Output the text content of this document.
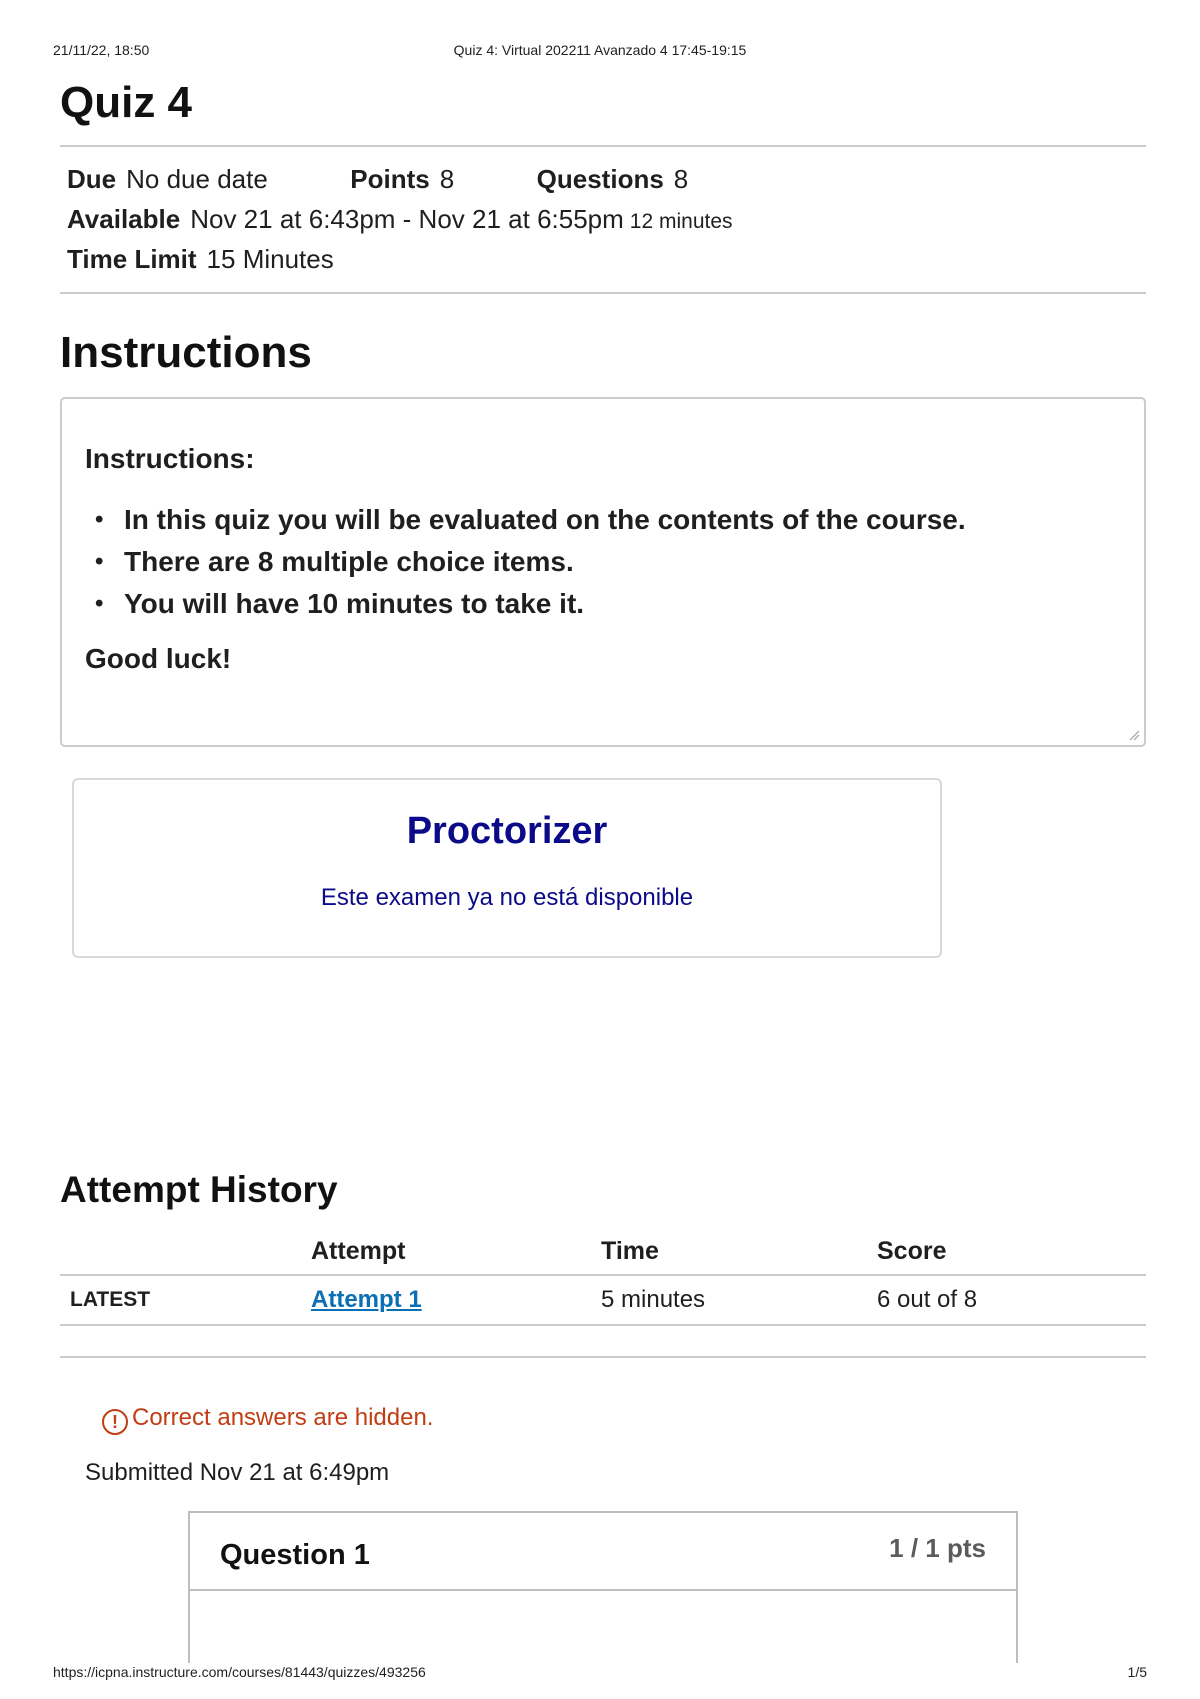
21/11/22, 18:50	Quiz 4: Virtual 202211 Avanzado 4 17:45-19:15
Quiz 4
Due No due date	Points 8	Questions 8
Available Nov 21 at 6:43pm - Nov 21 at 6:55pm 12 minutes
Time Limit 15 Minutes
Instructions

Instructions:

• In this quiz you will be evaluated on the contents of the course.
• There are 8 multiple choice items.
• You will have 10 minutes to take it.

Good luck!

Proctorizer
Este examen ya no está disponible
Attempt History
	Attempt	Time	Score
LATEST	Attempt 1	5 minutes	6 out of 8
! Correct answers are hidden.
Submitted Nov 21 at 6:49pm
Question 1	1 / 1 pts
https://icpna.instructure.com/courses/81443/quizzes/493256	1/5
